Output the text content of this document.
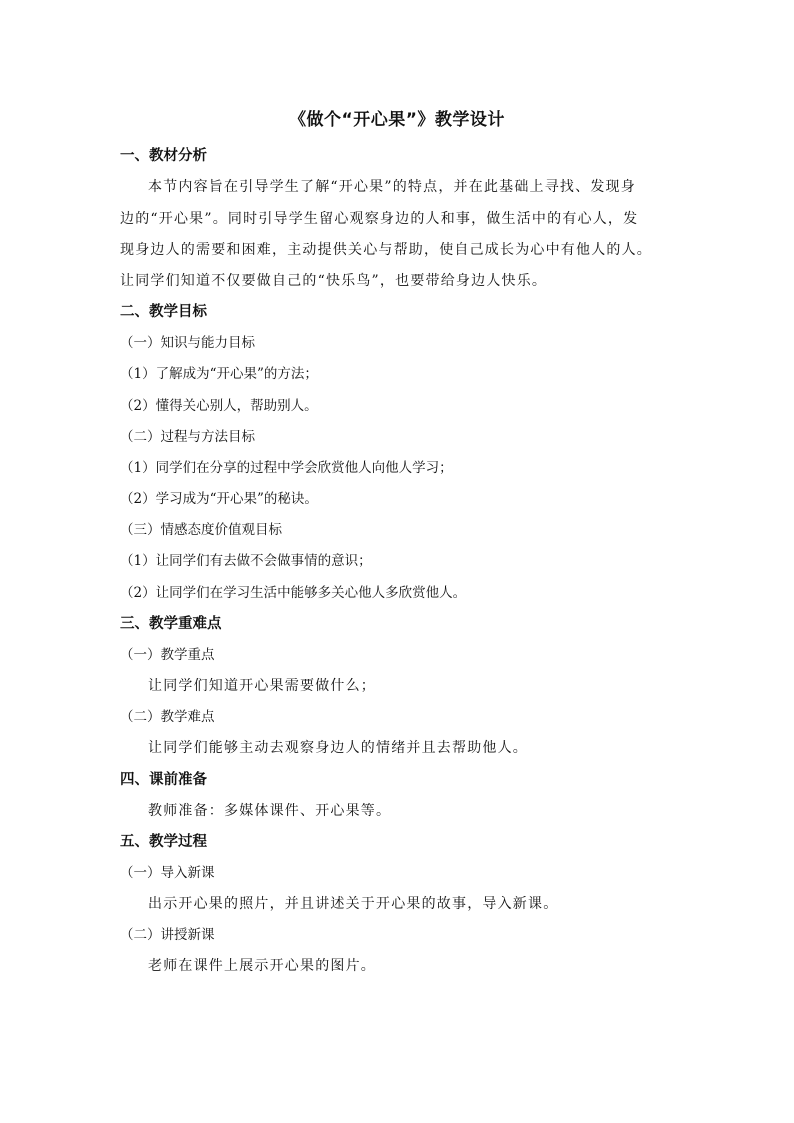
《做个“开心果”》教学设计
一、教材分析
本节内容旨在引导学生了解“开心果”的特点，并在此基础上寻找、发现身
边的“开心果”。同时引导学生留心观察身边的人和事，做生活中的有心人，发
现身边人的需要和困难，主动提供关心与帮助，使自己成长为心中有他人的人。
让同学们知道不仅要做自己的“快乐鸟”，也要带给身边人快乐。
二、教学目标
（一）知识与能力目标
（1）了解成为“开心果”的方法；
（2）懂得关心别人，帮助别人。
（二）过程与方法目标
（1）同学们在分享的过程中学会欣赏他人向他人学习；
（2）学习成为“开心果”的秘诀。
（三）情感态度价值观目标
（1）让同学们有去做不会做事情的意识；
（2）让同学们在学习生活中能够多关心他人多欣赏他人。
三、教学重难点
（一）教学重点
让同学们知道开心果需要做什么；
（二）教学难点
让同学们能够主动去观察身边人的情绪并且去帮助他人。
四、课前准备
教师准备：多媒体课件、开心果等。
五、教学过程
（一）导入新课
出示开心果的照片，并且讲述关于开心果的故事，导入新课。
（二）讲授新课
老师在课件上展示开心果的图片。
